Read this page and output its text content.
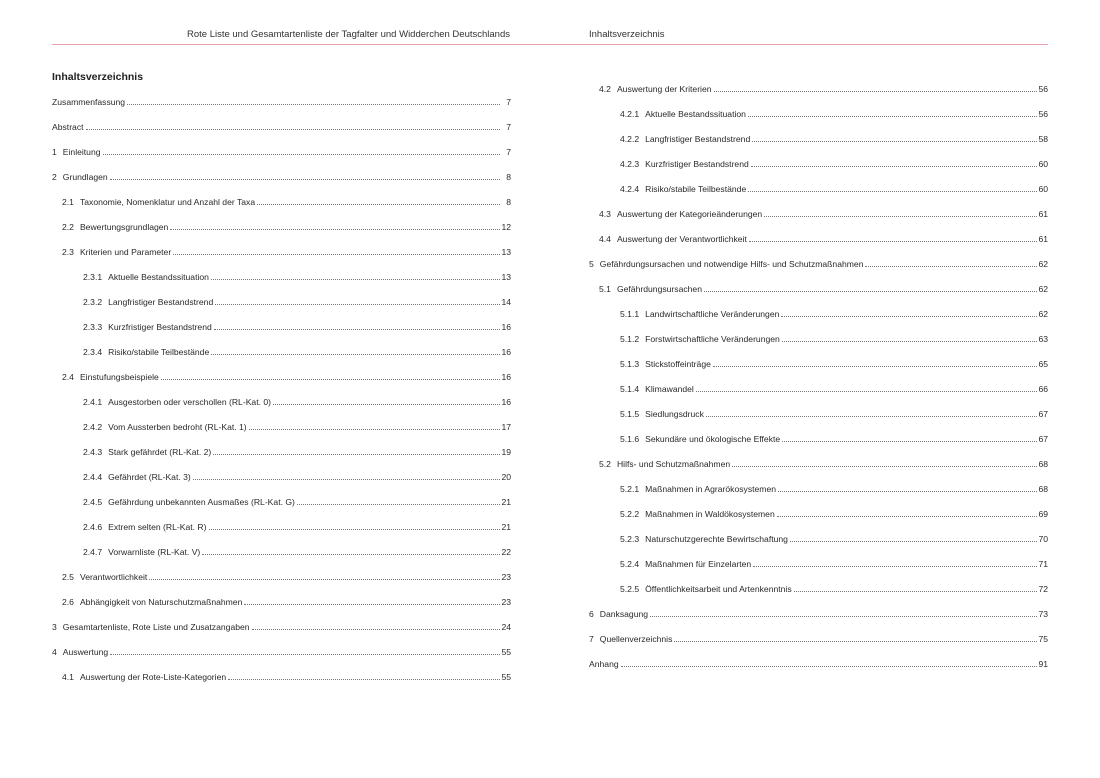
Rote Liste und Gesamtartenliste der Tagfalter und Widderchen Deutschlands	Inhaltsverzeichnis
Inhaltsverzeichnis
Zusammenfassung	7
Abstract	7
1 Einleitung	7
2 Grundlagen	8
2.1 Taxonomie, Nomenklatur und Anzahl der Taxa	8
2.2 Bewertungsgrundlagen	12
2.3 Kriterien und Parameter	13
2.3.1 Aktuelle Bestandssituation	13
2.3.2 Langfristiger Bestandstrend	14
2.3.3 Kurzfristiger Bestandstrend	16
2.3.4 Risiko/stabile Teilbestände	16
2.4 Einstufungsbeispiele	16
2.4.1 Ausgestorben oder verschollen (RL-Kat. 0)	16
2.4.2 Vom Aussterben bedroht (RL-Kat. 1)	17
2.4.3 Stark gefährdet (RL-Kat. 2)	19
2.4.4 Gefährdet (RL-Kat. 3)	20
2.4.5 Gefährdung unbekannten Ausmaßes (RL-Kat. G)	21
2.4.6 Extrem selten (RL-Kat. R)	21
2.4.7 Vorwarnliste (RL-Kat. V)	22
2.5 Verantwortlichkeit	23
2.6 Abhängigkeit von Naturschutzmaßnahmen	23
3 Gesamtartenliste, Rote Liste und Zusatzangaben	24
4 Auswertung	55
4.1 Auswertung der Rote-Liste-Kategorien	55
4.2 Auswertung der Kriterien	56
4.2.1 Aktuelle Bestandssituation	56
4.2.2 Langfristiger Bestandstrend	58
4.2.3 Kurzfristiger Bestandstrend	60
4.2.4 Risiko/stabile Teilbestände	60
4.3 Auswertung der Kategorieänderungen	61
4.4 Auswertung der Verantwortlichkeit	61
5 Gefährdungsursachen und notwendige Hilfs- und Schutzmaßnahmen	62
5.1 Gefährdungsursachen	62
5.1.1 Landwirtschaftliche Veränderungen	62
5.1.2 Forstwirtschaftliche Veränderungen	63
5.1.3 Stickstoffeinträge	65
5.1.4 Klimawandel	66
5.1.5 Siedlungsdruck	67
5.1.6 Sekundäre und ökologische Effekte	67
5.2 Hilfs- und Schutzmaßnahmen	68
5.2.1 Maßnahmen in Agrarökosystemen	68
5.2.2 Maßnahmen in Waldökosystemen	69
5.2.3 Naturschutzgerechte Bewirtschaftung	70
5.2.4 Maßnahmen für Einzelarten	71
5.2.5 Öffentlichkeitsarbeit und Artenkenntnis	72
6 Danksagung	73
7 Quellenverzeichnis	75
Anhang	91
